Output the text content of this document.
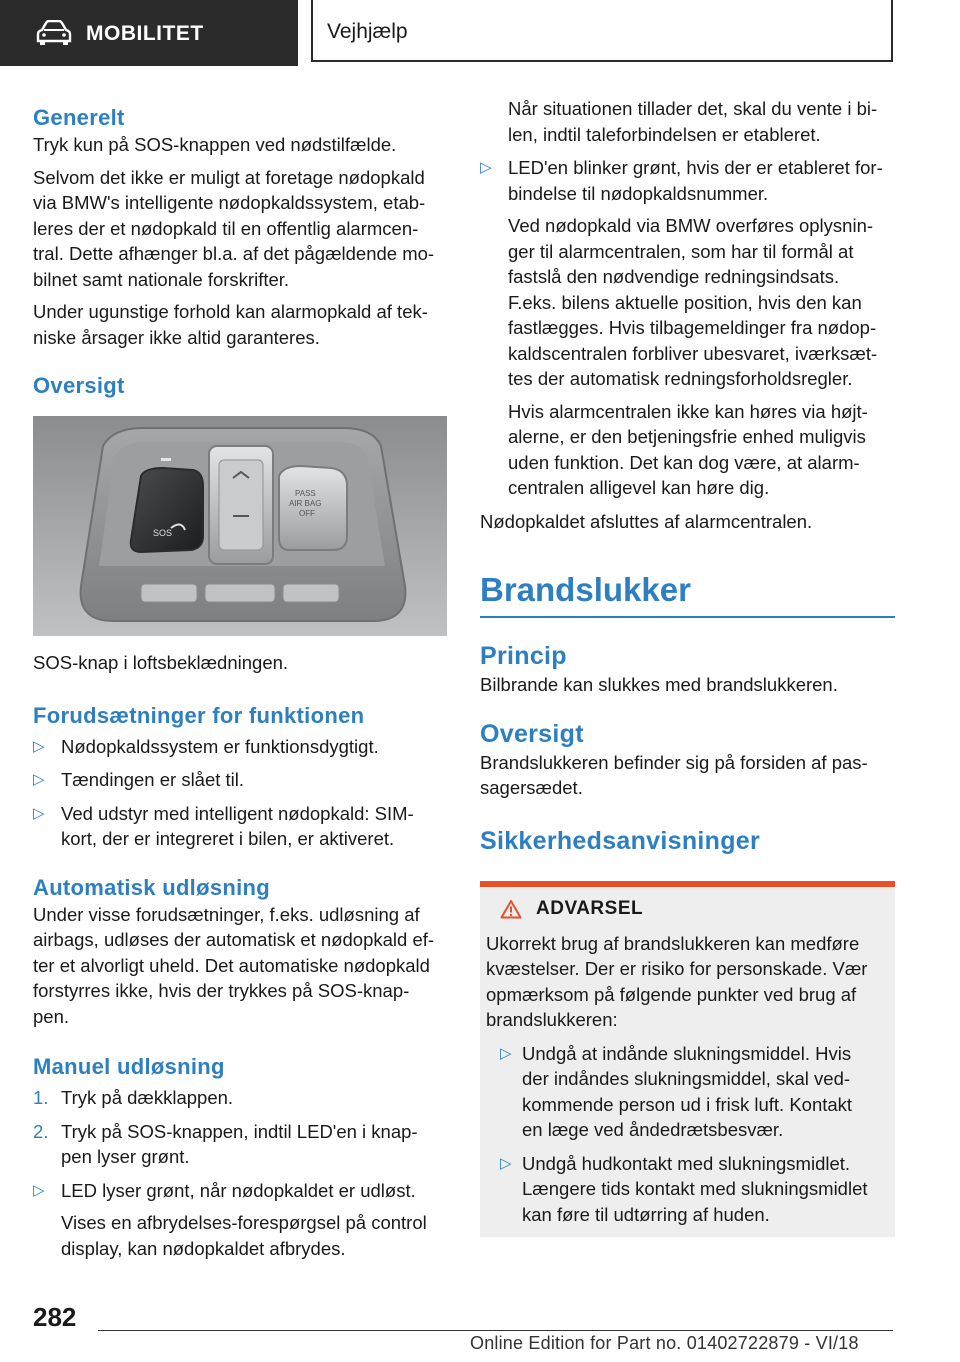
MOBILITET	Vejhjælp
Generelt

Tryk kun på SOS-knappen ved nødstilfælde.

Selvom det ikke er muligt at foretage nødopkald
via BMW's intelligente nødopkaldssystem, etab-
leres der et nødopkald til en offentlig alarmcen-
tral. Dette afhænger bl.a. af det pågældende mo-
bilnet samt nationale forskrifter.

Under ugunstige forhold kan alarmopkald af tek-
niske årsager ikke altid garanteres.

Oversigt
SOS
PASS
AIR BAG
OFF

SOS-knap i loftsbeklædningen.

Forudsætninger for funktionen
▷ Nødopkaldssystem er funktionsdygtigt.

▷ Tændingen er slået til.

▷ Ved udstyr med intelligent nødopkald: SIM-
kort, der er integreret i bilen, er aktiveret.

Automatisk udløsning

Under visse forudsætninger, f.eks. udløsning af
airbags, udløses der automatisk et nødopkald ef-
ter et alvorligt uheld. Det automatiske nødopkald
forstyrres ikke, hvis der trykkes på SOS-knap-
pen.

Manuel udløsning
1. Tryk på dækklappen.

2. Tryk på SOS-knappen, indtil LED'en i knap-
pen lyser grønt.

▷ LED lyser grønt, når nødopkaldet er udløst.

Vises en afbrydelses-forespørgsel på control
display, kan nødopkaldet afbrydes.

Når situationen tillader det, skal du vente i bi-
len, indtil taleforbindelsen er etableret.

▷ LED'en blinker grønt, hvis der er etableret for-
bindelse til nødopkaldsnummer.

Ved nødopkald via BMW overføres oplysnin-
ger til alarmcentralen, som har til formål at
fastslå den nødvendige redningsindsats.
F.eks. bilens aktuelle position, hvis den kan
fastlægges. Hvis tilbagemeldinger fra nødop-
kaldscentralen forbliver ubesvaret, iværksæt-
tes der automatisk redningsforholdsregler.

Hvis alarmcentralen ikke kan høres via højt-
alerne, er den betjeningsfrie enhed muligvis
uden funktion. Det kan dog være, at alarm-
centralen alligevel kan høre dig.

Nødopkaldet afsluttes af alarmcentralen.

Brandslukker
Princip

Bilbrande kan slukkes med brandslukkeren.

Oversigt

Brandslukkeren befinder sig på forsiden af pas-
sagersædet.

Sikkerhedsanvisninger
ADVARSEL

Ukorrekt brug af brandslukkeren kan medføre
kvæstelser. Der er risiko for personskade. Vær
opmærksom på følgende punkter ved brug af
brandslukkeren:

▷ Undgå at indånde slukningsmiddel. Hvis
der indåndes slukningsmiddel, skal ved-
kommende person ud i frisk luft. Kontakt
en læge ved åndedrætsbesvær.

▷ Undgå hudkontakt med slukningsmidlet.
Længere tids kontakt med slukningsmidlet
kan føre til udtørring af huden.

282
Online Edition for Part no. 01402722879 - VI/18
